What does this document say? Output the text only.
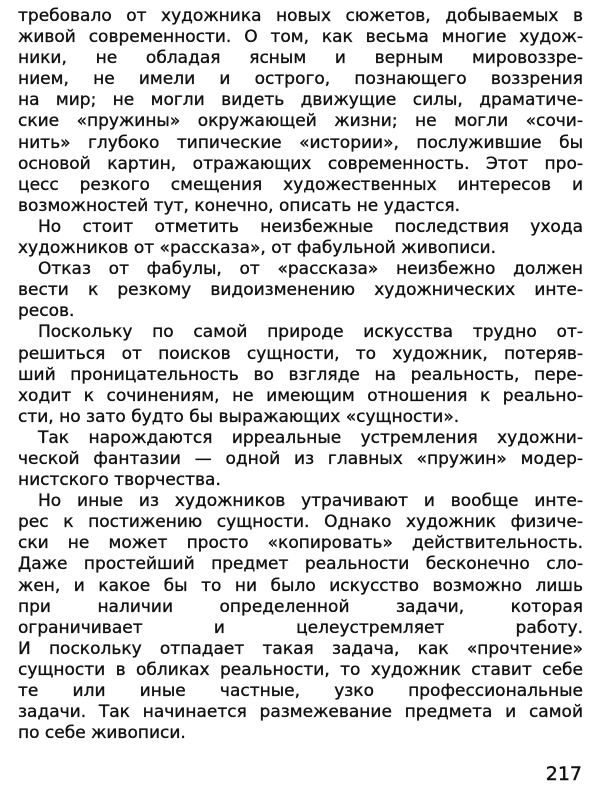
требовало от художника новых сюжетов, добываемых в
живой современности. О том, как весьма многие худож-
ники, не обладая ясным и верным мировоззре-
нием, не имели и острого, познающего воззрения
на мир; не могли видеть движущие силы, драматиче-
ские «пружины» окружающей жизни; не могли «сочи-
нить» глубоко типические «истории», послужившие бы
основой картин, отражающих современность. Этот про-
цесс резкого смещения художественных интересов и
возможностей тут, конечно, описать не удастся.
Но стоит отметить неизбежные последствия ухода
художников от «рассказа», от фабульной живописи.
Отказ от фабулы, от «рассказа» неизбежно должен
вести к резкому видоизменению художнических инте-
ресов.
Поскольку по самой природе искусства трудно от-
решиться от поисков сущности, то художник, потеряв-
ший проницательность во взгляде на реальность, пере-
ходит к сочинениям, не имеющим отношения к реально-
сти, но зато будто бы выражающих «сущности».
Так нарождаются ирреальные устремления художни-
ческой фантазии — одной из главных «пружин» модер-
нистского творчества.
Но иные из художников утрачивают и вообще инте-
рес к постижению сущности. Однако художник физиче-
ски не может просто «копировать» действительность.
Даже простейший предмет реальности бесконечно сло-
жен, и какое бы то ни было искусство возможно лишь
при наличии определенной задачи, которая
ограничивает и целеустремляет работу.
И поскольку отпадает такая задача, как «прочтение»
сущности в обликах реальности, то художник ставит себе
те или иные частные, узко профессиональные
задачи. Так начинается размежевание предмета и самой
по себе живописи.
217
